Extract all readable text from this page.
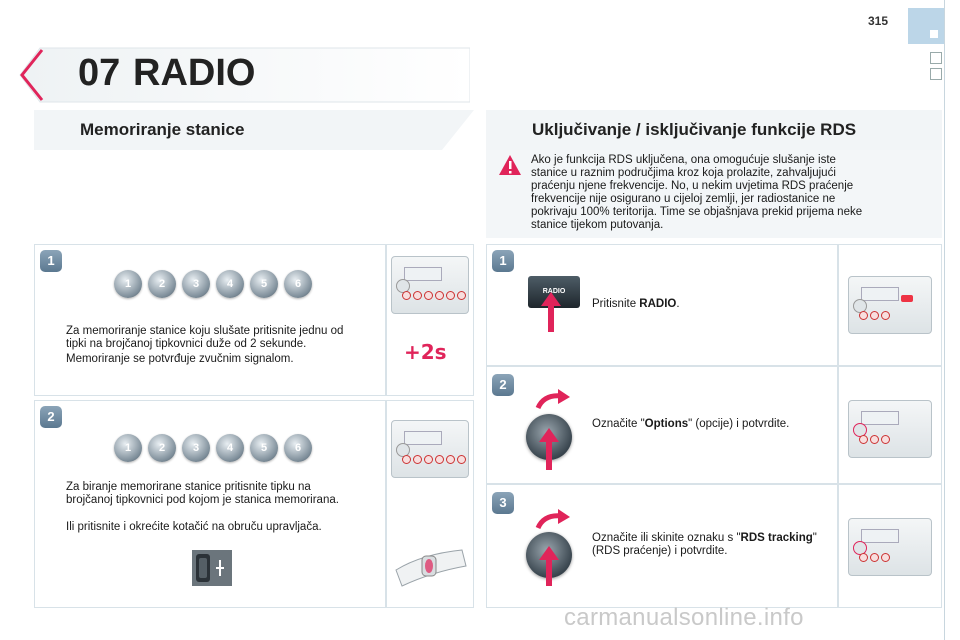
315
07 RADIO
Memoriranje stanice	Uključivanje / isključivanje funkcije RDS
Ako je funkcija RDS uključena, ona omogućuje slušanje iste stanice u raznim područjima kroz koja prolazite, zahvaljujući praćenju njene frekvencije. No, u nekim uvjetima RDS praćenje frekvencije nije osigurano u cijeloj zemlji, jer radiostanice ne pokrivaju 100% teritorija. Time se objašnjava prekid prijema neke stanice tijekom putovanja.
1
1	2	3	4	5	6
Za memoriranje stanice koju slušate pritisnite jednu od tipki na brojčanoj tipkovnici duže od 2 sekunde.
Memoriranje se potvrđuje zvučnim signalom.	+2s
2
1	2	3	4	5	6
Za biranje memorirane stanice pritisnite tipku na brojčanoj tipkovnici pod kojom je stanica memorirana.
Ili pritisnite i okrećite kotačić na obruču upravljača.
1
RADIO
Pritisnite RADIO.
2
Označite "Options" (opcije) i potvrdite.
3
Označite ili skinite oznaku s "RDS tracking" (RDS praćenje) i potvrdite.
carmanualsonline.info
